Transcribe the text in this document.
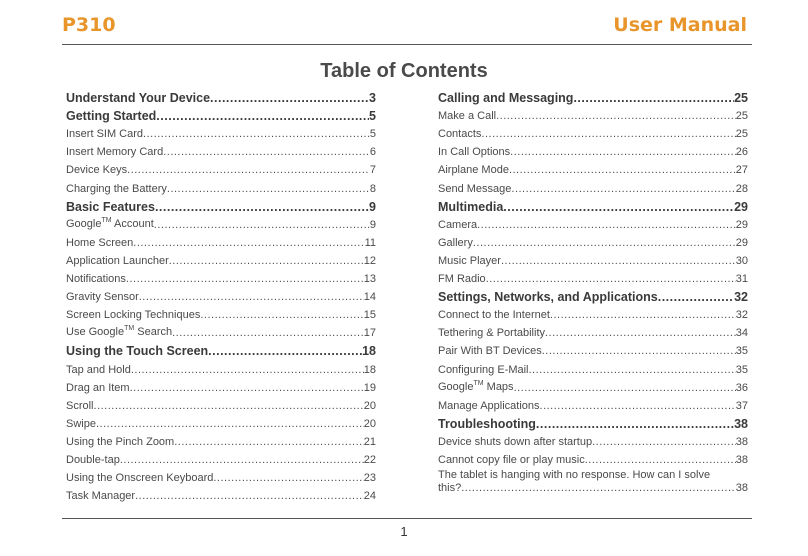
P310	User Manual
Table of Contents
Understand Your Device .....	3
Getting Started .....	5
Insert SIM Card .....	5
Insert Memory Card .....	6
Device Keys .....	7
Charging the Battery .....	8
Basic Features .....	9
Google™ Account .....	9
Home Screen .....	11
Application Launcher .....	12
Notifications .....	13
Gravity Sensor .....	14
Screen Locking Techniques .....	15
Use Google™ Search .....	17
Using the Touch Screen .....	18
Tap and Hold .....	18
Drag an Item .....	19
Scroll .....	20
Swipe .....	20
Using the Pinch Zoom .....	21
Double-tap .....	22
Using the Onscreen Keyboard .....	23
Task Manager .....	24
Calling and Messaging .....	25
Make a Call .....	25
Contacts .....	25
In Call Options .....	26
Airplane Mode .....	27
Send Message .....	28
Multimedia .....	29
Camera .....	29
Gallery .....	29
Music Player .....	30
FM Radio .....	31
Settings, Networks, and Applications .....	32
Connect to the Internet .....	32
Tethering & Portability .....	34
Pair With BT Devices .....	35
Configuring E-Mail .....	35
Google™ Maps .....	36
Manage Applications .....	37
Troubleshooting .....	38
Device shuts down after startup .....	38
Cannot copy file or play music .....	38
The tablet is hanging with no response. How can I solve
this? .....	38
1
